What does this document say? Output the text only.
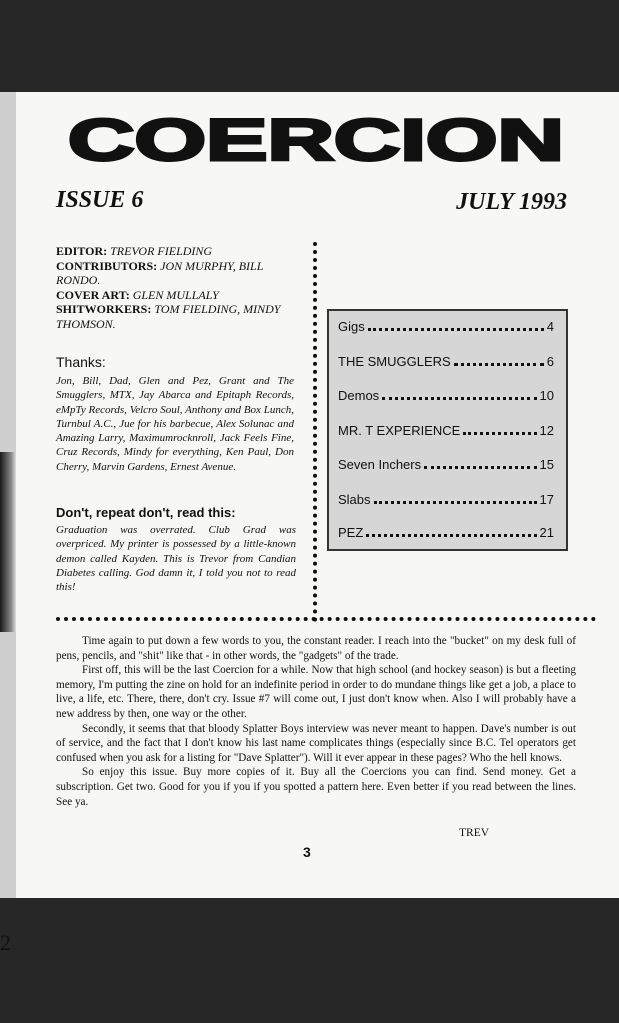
2
COERCION
ISSUE 6	JULY 1993

EDITOR: TREVOR FIELDING

CONTRIBUTORS: JON MURPHY, BILL RONDO.

COVER ART: GLEN MULLALY

SHITWORKERS: TOM FIELDING, MINDY THOMSON.

Thanks:
Jon, Bill, Dad, Glen and Pez, Grant and The Smugglers, MTX, Jay Abarca and Epitaph Records, eMpTy Records, Velcro Soul, Anthony and Box Lunch, Turnbul A.C., Jue for his barbecue, Alex Solunac and Amazing Larry, Maximumrocknroll, Jack Feels Fine, Cruz Records, Mindy for everything, Ken Paul, Don Cherry, Marvin Gardens, Ernest Avenue.
Don't, repeat don't, read this:
Graduation was overrated. Club Grad was overpriced. My printer is possessed by a little-known demon called Kayden. This is Trevor from Candian Diabetes calling. God damn it, I told you not to read this!
Gigs	4
THE SMUGGLERS	6
Demos	10
MR. T EXPERIENCE	12
Seven Inchers	15
Slabs	17
PEZ	21

Time again to put down a few words to you, the constant reader. I reach into the "bucket" on my desk full of pens, pencils, and "shit" like that - in other words, the "gadgets" of the trade.

First off, this will be the last Coercion for a while. Now that high school (and hockey season) is but a fleeting memory, I'm putting the zine on hold for an indefinite period in order to do mundane things like get a job, a place to live, a life, etc. There, there, don't cry. Issue #7 will come out, I just don't know when. Also I will probably have a new address by then, one way or the other.

Secondly, it seems that that bloody Splatter Boys interview was never meant to happen. Dave's number is out of service, and the fact that I don't know his last name complicates things (especially since B.C. Tel operators get confused when you ask for a listing for "Dave Splatter"). Will it ever appear in these pages? Who the hell knows.

So enjoy this issue. Buy more copies of it. Buy all the Coercions you can find. Send money. Get a subscription. Get two. Good for you if you if you spotted a pattern here. Even better if you read between the lines. See ya.

TREV
3
